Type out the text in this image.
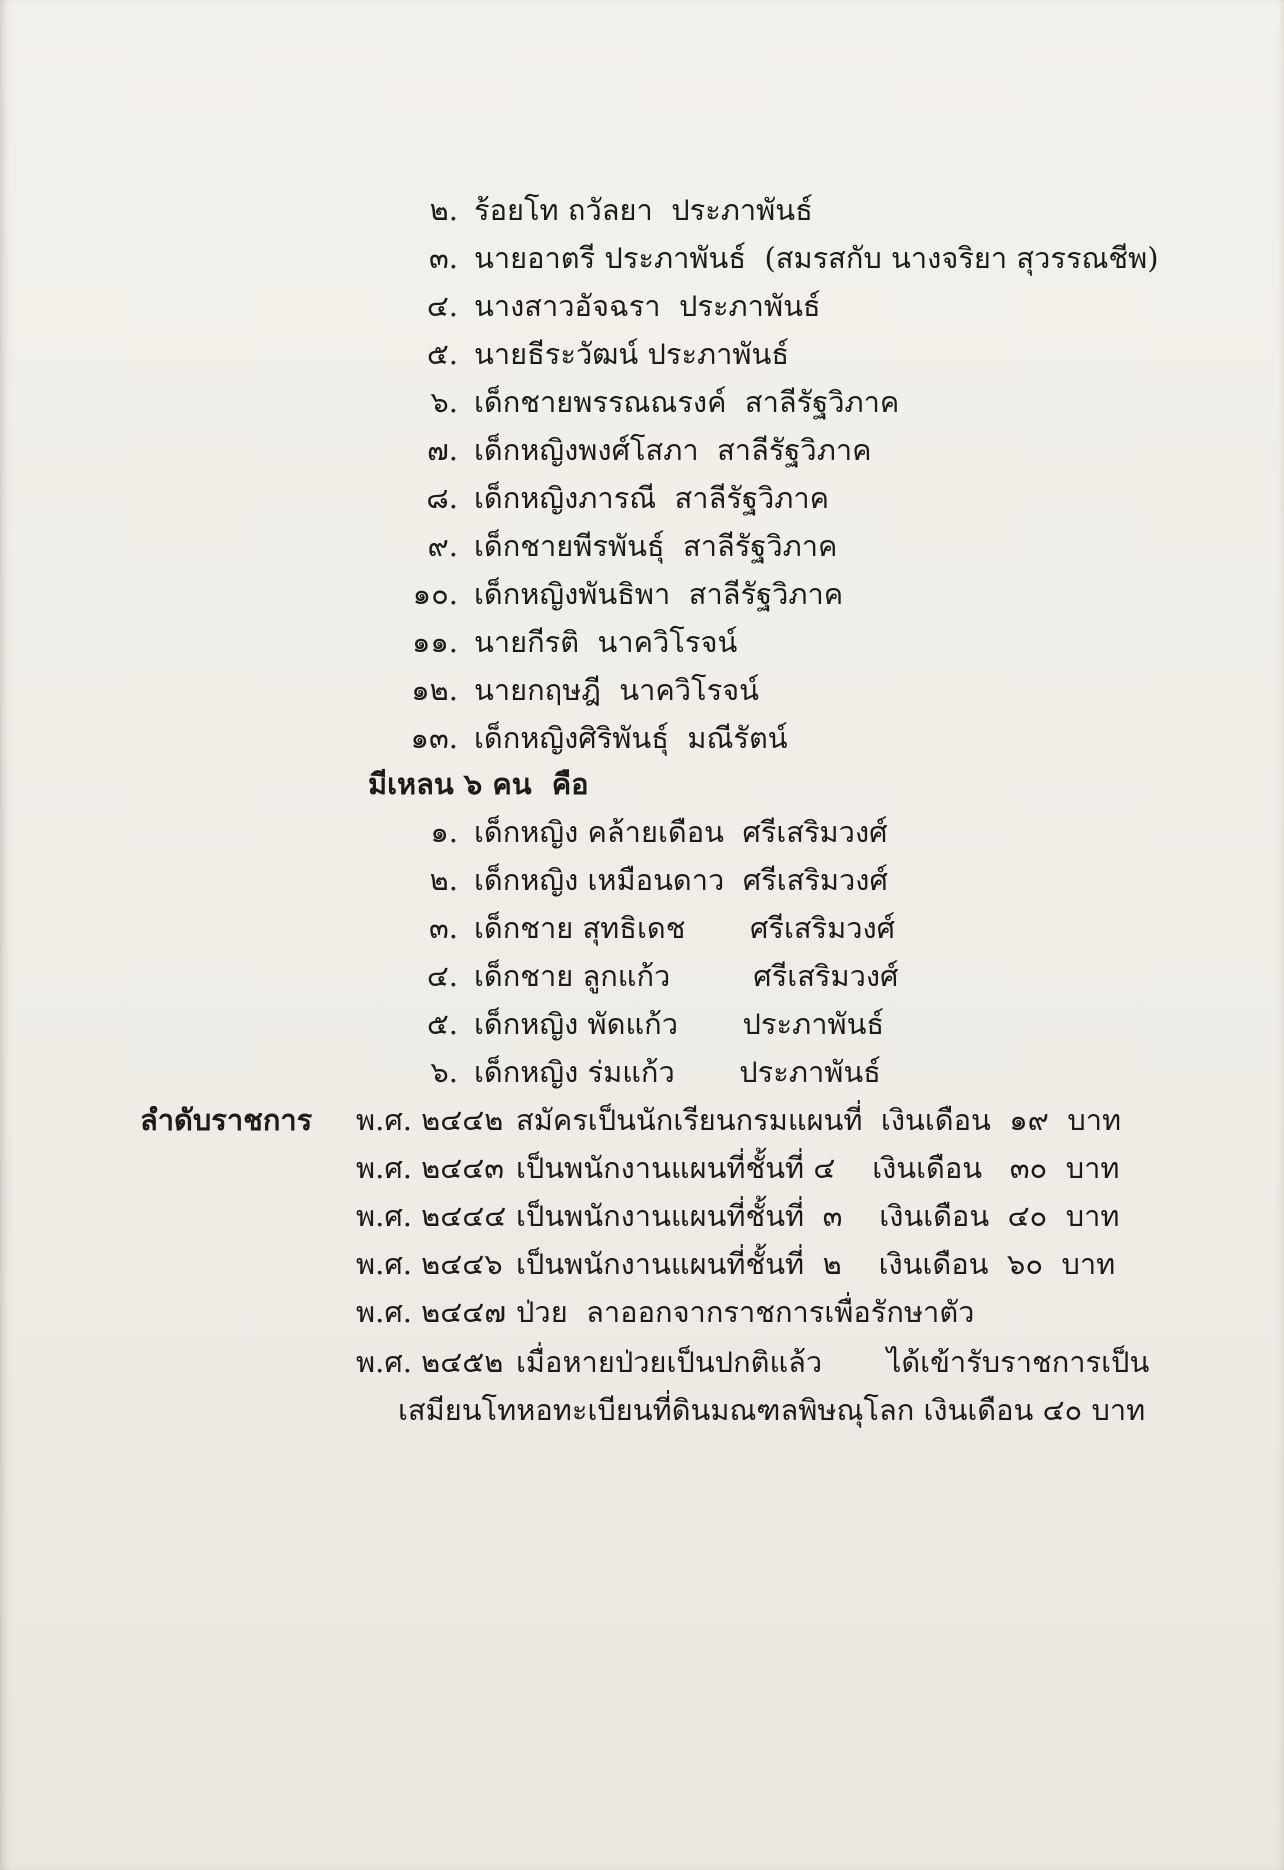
๒. ร้อยโท ถวัลยา  ประภาพันธ์
๓. นายอาตรี ประภาพันธ์  (สมรสกับ นางจริยา สุวรรณชีพ)
๔. นางสาวอัจฉรา  ประภาพันธ์
๕. นายธีระวัฒน์ ประภาพันธ์
๖. เด็กชายพรรณณรงค์  สาลีรัฐวิภาค
๗. เด็กหญิงพงศ์โสภา  สาลีรัฐวิภาค
๘. เด็กหญิงภารณี  สาลีรัฐวิภาค
๙. เด็กชายพีรพันธุ์  สาลีรัฐวิภาค
๑๐. เด็กหญิงพันธิพา  สาลีรัฐวิภาค
๑๑. นายกีรติ  นาควิโรจน์
๑๒. นายกฤษฎี  นาควิโรจน์
๑๓. เด็กหญิงศิริพันธุ์  มณีรัตน์
มีเหลน ๖ คน  คือ
๑. เด็กหญิง คล้ายเดือน  ศรีเสริมวงศ์
๒. เด็กหญิง เหมือนดาว  ศรีเสริมวงศ์
๓. เด็กชาย สุทธิเดช       ศรีเสริมวงศ์
๔. เด็กชาย ลูกแก้ว         ศรีเสริมวงศ์
๕. เด็กหญิง พัดแก้ว       ประภาพันธ์
๖. เด็กหญิง ร่มแก้ว       ประภาพันธ์
ลำดับราชการ พ.ศ. ๒๔๔๒ สมัครเป็นนักเรียนกรมแผนที่  เงินเดือน  ๑๙  บาท
พ.ศ. ๒๔๔๓ เป็นพนักงานแผนที่ชั้นที่ ๔    เงินเดือน   ๓๐  บาท
พ.ศ. ๒๔๔๔ เป็นพนักงานแผนที่ชั้นที่  ๓    เงินเดือน  ๔๐  บาท
พ.ศ. ๒๔๔๖ เป็นพนักงานแผนที่ชั้นที่  ๒    เงินเดือน  ๖๐  บาท
พ.ศ. ๒๔๔๗ ป่วย  ลาออกจากราชการเพื่อรักษาตัว
พ.ศ. ๒๔๕๒ เมื่อหายป่วยเป็นปกติแล้ว       ได้เข้ารับราชการเป็น
เสมียนโทหอทะเบียนที่ดินมณฑลพิษณุโลก เงินเดือน ๔๐ บาท
